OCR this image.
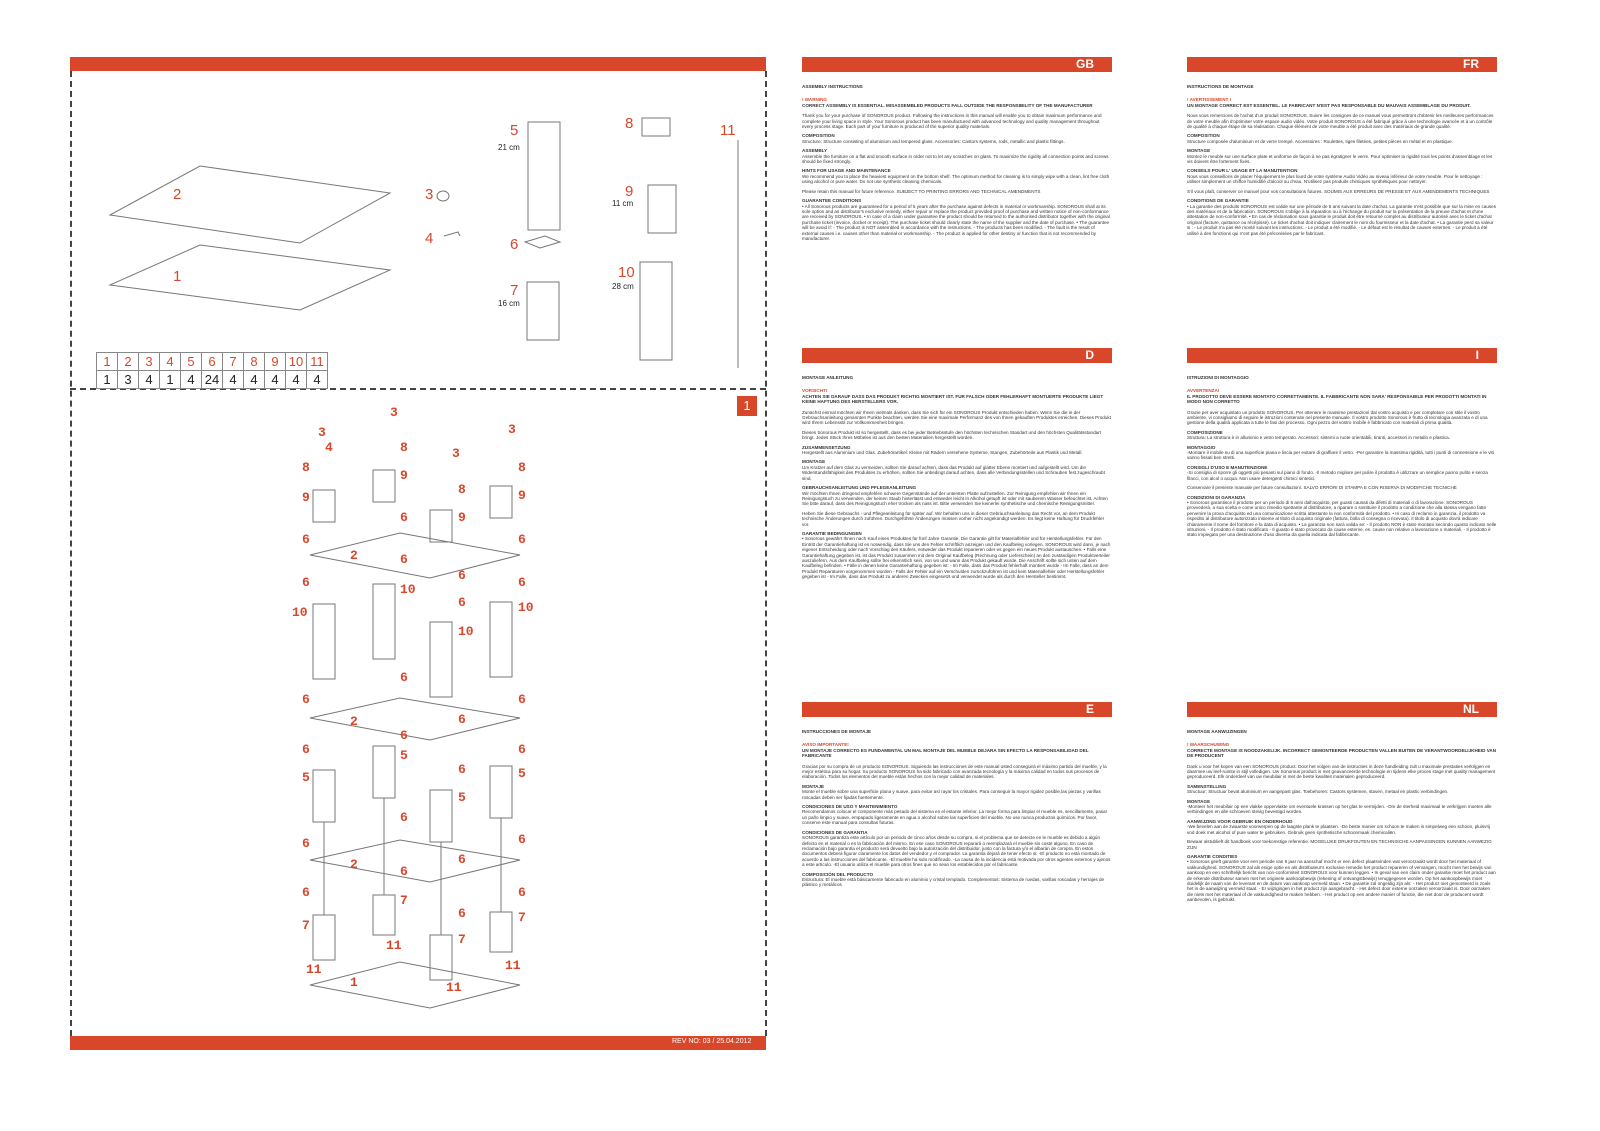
REV NO: 03 / 25.04.2012
2
1
3
4
5
21 cm
6
7
16 cm
8
9
11 cm
10
28 cm
11
1	2	3	4	5	6	7	8	9	10	11
1	3	4	1	4	24	4	4	4	4	4
1
3
3
4
8
9
6
8
9
6
3
8
9
3
8
9
6
2	6
6
6	6
10
10
10
10
6
6
6	6
2	6
6
6	6
5
5
5
5
6
6
6	6
2	6
6
6	6
7
7
7
7
6
11
11	11
1	11
GB
ASSEMBLY INSTRUCTIONS
! WARNING
CORRECT ASSEMBLY IS ESSENTIAL. MISASSEMBLED PRODUCTS FALL OUTSIDE THE RESPONSIBILITY OF THE MANUFACTURER
Thank you for your purchase of SONOROUS product. Following the instructions in this manual will enable you to obtain maximum performance and complete your living space in style. Your Sonorous product has been manufactured with advanced technology and quality management throughout every process stage. Each part of your furniture is produced of the superior quality materials.
COMPOSITION
Structure: Structure consisting of aluminium and tempered glass. Accessories: Castors systems, rods, metallic and plastic fittings.
ASSEMBLY
Assemble the furniture on a flat and smooth surface in order not to let any scratches on glass. To maximize the rigidity all connection points and screws should be fixed strongly.
HINTS FOR USAGE AND MAINTENANCE
We recommend you to place the heaviest equipment on the bottom shelf. The optimum method for cleaning is to simply wipe with a clean, lint free cloth using alcohol or pure water. Do not use synthetic cleaning chemicals.
Please retain this manual for future reference. SUBJECT TO PRINTING ERRORS AND TECHNICAL AMENDMENTS
GUARANTEE CONDITIONS
• All Sonorous products are guaranteed for a period of 5 years after the purchase against defects in material or workmanship. SONOROUS shall at its sole option and as distributor's exclusive remedy, either repair or replace the product provided proof of purchase and written notice of non-conformance are received by SONOROUS. • In case of a claim under guarantee the product should be returned to the authorised distributor together with the original purchase ticket (invoice, docket or receipt). The purchase ticket should clearly state the name of the supplier and the date of purchase. • The guarantee will be avoid if: - The product is NOT assembled in accordance with the instructions. - The products has been modified. - The fault is the result of external causes i.e. causes other than material or workmanship. - The product is applied for other destiny or function that is not recommended by manufacturer.
FR
INSTRUCTIONS DE MONTAGE
! AVERTISSEMENT !
UN MONTAGE CORRECT EST ESSENTIEL. LE FABRICANT N'EST PAS RESPONSABLE DU MAUVAIS ASSEMBLAGE DU PRODUIT.
Nous vous remercions de l'achat d'un produit SONOROUS. Suivre les consignes de ce manuel vous permettront d'obtenir les meilleures performances de votre meuble afin d'optimiser votre espace audio vidéo. Votre produit SONOROUS a été fabriqué grâce à une technologie avancée et à un contrôle de qualité à chaque étape de sa réalisation. Chaque élément de votre meuble a été produit avec des matériaux de grande qualité.
COMPOSITION
Structure composée d'aluminium et de verre trempé. Accessoires : Roulettes, tiges filetées, petites pièces en métal et en plastique.
MONTAGE
Montez le meuble sur une surface plate et uniforme de façon à ne pas égratigner le verre. Pour optimiser la rigidité tous les points d'assemblage et les vis doivent être fortement fixés.
CONSEILS POUR L' USAGE ET LA MANUTENTION
Nous vous conseillons de placer l'équipement le plus lourd de votre système Audio Vidéo au niveau inférieur de votre meuble. Pour le nettoyage : utiliser simplement un chiffon humidifié d'alcool ou d'eau. N'utilisez pas produits chimiques synthétiques pour nettoyer.
S'il vous plaît, conserver ce manuel pour vos consultations futures. SOUMIS AUX ERREURS DE PRESSE ET AUX AMENDEMENTS TECHNIQUES
CONDITIONS DE GARANTIE
• La garantie des produits SONOROUS est valide sur une période de 5 ans suivant la date d'achat. La garantie n'est possible que sur la mise en causes des matériaux et de la fabrication. SONOROUS s'oblige à la réparation ou à l'échange du produit sur la présentation de la preuve d'achat et d'une attestation de non-conformité. • En cas de réclamation sous garantie le produit doit être retourné complet au distributeur autorisé avec le ticket d'achat original (facture, quittance ou récépissé). Le ticket d'achat doit indiquer clairement le nom du fournisseur et la date d'achat. • La garantie perd sa valeur si : - Le produit n'a pas été monté suivant les instructions. - Le produit a été modifié. - Le défaut est le résultat de causes externes. - Le produit a été utilisé à des fonctions qui n'ont pas été préconisées par le fabricant.
D
MONTAGE ANLEITUNG
VORSICHT!
ACHTEN SIE DARAUF DASS DAS PRODUKT RICHTIG MONTIERT IST. FUR FALSCH ODER FEHLERHAFT MONTUERTE PRODUKTE LIEGT KEINE HAFTUNG DES HERSTELLERS VOR.
Zunächst einmal möchten wir Ihnen vielmals danken, dass Sie sich für ein SONOROUS Produkt entschieden haben. Wenn Sie die in der Gebrauchsanleitung genannten Punkte beachten, werden Sie eine maximale Performanz des von Ihnen gekauften Produktes erreichen. Dieses Produkt wird Ihrem Lebensstil zur Vollkommenheit bringen.
Dieses Sonorous Produkt ist so hergestellt, dass es bei jeder Betriebsstufe den höchsten technischen Standart und den höchsten Qualitätsstandart bringt. Jedes Stück Ihres Möbeles ist aus den besten Materialien hergestellt worden.
ZUSAMMENSETZUNG
Hergestellt aus Aluminium und Glas. Zubehörartikel: Kleine mit Rädern versehene Systeme, Stangen, Zubehörteile aus Plastik und Metall.
MONTAGE
Um Kratzer auf dem Glas zu vermeiden, sollten Sie darauf achten, dass das Produkt auf glatter Ebene montiert und aufgestellt wird. Um die Widerstandsfähigkeit des Produktes zu erhöhen, sollten Sie unbedingt darauf achten, dass alle Verbindungsstellen und Schrauben fest zugeschraubt sind.
GEBRAUCHSANLEITUNG UND PFLEGEANLEITUNG
Wir möchten Ihnen dringend empfehlen schwere Gegenstände auf der untersten Platte aufzustellen. Zur Reinigung empfehlen wir Ihnen ein Reinigungstuch zu verwenden, der keinen Staub hinterlässt und entweder leicht in Alkohol getupft ist oder mit sauberem Wasser befeuchtet ist. Achten Sie bitte darauf, dass des Reinigungstuch eher trocken als nass ist. Bitte verwenden Sie keinerlei synthetische und chemische Reinigungsmittel.
Heben Sie diese Gebrauchs - und Pflegeanleitung für später auf. Wir behalten uns in dieser Gebrauchsanleitung das Recht vor, an dem Produkt technische Änderungen durch zuführen. Durchgeführte Änderungen müssen vorher nicht angekündigt werden. Es liegt keine Haftung für Druckfehler vor.
GARANTIE BEDINGUNGEN
• Sonorous gewährt Ihnen nach Kauf eines Produktes für fünf Jahre Garantie. Die Garantie gilt für Materialfehler und für Herstellungsfehler. Für den Eintritt der Garantiehaftung ist es notwendig, dass Sie uns den Fehler schriftlich anzeigen und den Kaufbeleg vorlegen. SONOROUS wird dann, je nach eigener Entscheidung oder nach Vorschlag des Käufers, entweder das Produkt reparieren oder es gegen ein neues Produkt austauschen. • Falls eine Garantiehaftung gegeben ist, ist das Produkt zusammen mit dem Original Kaufbeleg (Rechnung oder Lieferschein) an den zuständigen Produktverteiler auszuliefern. Aus dem Kaufbeleg sollte frei erkenntlich sein, von wo und wann das Produkt gekauft wurde. Die Anschrift sollte sich unten auf dem Kaufbeleg befinden. • Fälle in denen keine Garantiehaftung gegeben ist: - Im Falle, dass das Produkt fehlerhaft montiert wurde - Im Falle, dass an dem Produkt Reparaturen vorgenommen wurden - Falls der Fehler auf ein Verschulden zurückzuführen ist und kein Materialfehler oder Herstellungsfehler gegeben ist - Im Falle, dass das Produkt zu anderen Zwecken eingesetzt und verwendet wurde als durch den Hersteller bestimmt.
I
ISTRUZIONI DI MONTAGGIO
AVVERTENZA!
IL PRODOTTO DEVE ESSERE MONTATO CORRETTAMENTE. IL FABBRICANTE NON SARA' RESPONSABILE PER PRODOTTI MONTATI IN MODO NON CORRETTO
Grazie per aver acquistato un prodotto SONOROUS. Per ottenere le massime prestazioni dal vostro acquisto e per completare con stile il vostro ambiente, vi consigliamo di seguire le istruzioni contenute nel presente manuale. Il vostro prodotto Sonorous è frutto di tecnologia avanzata e di una gestione della qualità applicata a tutte le fasi del processo. Ogni pezzo del vostro mobile è fabbricato con materiali di prima qualità.
COMPOSIZIONE
Struttura: La struttura è in alluminio e vetro temperato. Accessori: sistemi a ruote orientabili, tiranti, accessori in metallo e plastica.
MONTAGGIO
-Montare il mobile su di una superficie piana e liscia per evitare di graffiare il vetro. -Per garantire la massima rigidità, tutti i punti di connessione e le viti vanno fissati ben stretti.
CONSIGLI D'USO E MANUTENZIONE
-Si consiglia di riporre gli oggetti più pesanti sul piano di fondo. -Il metodo migliore per pulire il prodotto è utilizzare un semplice panno pulito e senza filacci, con alcol o acqua. Non usare detergenti chimici sintetici.
Conservare il presente manuale per future consultazioni. SALVO ERRORI DI STAMPA E CON RISERVA DI MODIFICHE TECNICHE
CONDIZIONI DI GARANZIA
• Sonorous garantisce il prodotto per un periodo di 5 anni dall'acquisto, per guasti causati da difetti di materiali o di lavorazione. SONOROUS provvederà, a sua scelta e come unico rimedio spettante al distributore, a riparare o sostituire il prodotto a condizione che alla stessa vengano fatte pervenire la prova d'acquisto ed una comunicazione scritta attestante la non conformità del prodotto. • In caso di reclamo in garanzia, il prodotto va rispedito al distributore autorizzato insieme al titolo di acquisto originale (fattura, bolla di consegna o ricevuta). Il titolo di acquisto dovrà indicare chiaramente il nome del fornitore e la data di acquisto. • La garanzia non sarà valida se: - Il prodotto NON è stato montato secondo quanto indicato nelle istruzioni. - Il prodotto è stato modificato - Il guasto è stato provocato da cause esterne, es. cause non relative a lavorazione o materiali. - Il prodotto è stato impiegato per una destinazione d'uso diversa da quella indicata dal fabbricante.
E
INSTRUCCIONES DE MONTAJE
AVISO IMPORTANTE!
UN MONTAJE CORRECTO ES FUNDAMENTAL UN MAL MONTAJE DEL MUEBLE DEJARA SIN EFECTO LA RESPONSABILIDAD DEL FABRICANTE
Gracias por su compra de un producto SONOROUS. Siguiendo las instrucciones de este manual usted conseguirá el máximo partido del mueble, y la mejor estética para su hogar. Su producto SONOROUS ha sido fabricado con avanzada tecnología y la máxima calidad en todos sus procesos de elaboración. Todos los elementos del mueble están hechos con la mejor calidad de materiales.
MONTAJE
Monte el mueble sobre una superficie plana y suave, para evitar así rayar los cristales. Para conseguir la mayor rigidez posible,las piezas y varillas roscadas deben ser fijadas fuertemente.
CONDICIONES DE USO Y MANTENIMIENTO
Recomendamos colocar el componente más pesado del sistema en el estante inferior. La mejor forma para limpiar el mueble es, sencillamente, pasar un paño limpio y suave, empapado ligeramente en agua o alcohol sobre las superficies del mueble. No use nunca productos químicos. Por favor, conserve este manual para consultas futuras.
CONDICIONES DE GARANTIA
SONOROUS garantiza este artículo por un periodo de cinco años desde su compra, si el problema que se detecte en le mueble es debido a algún defecto en el material o en la fabricación del mismo. En ese caso SONOROUS reparará o reemplazará el mueble sin coste alguno. En caso de reclamación bajo garantía el producto será devuelto bajo la autorización del distribuidor, junto con la factura y/o el albarán de compra. En estos documentos deberá figurar claramente los datos del vendedor y el comprador. La garantía dejará de tener efecto si: -El producto no está montado de acuerdo a las instrucciones del fabricante. -El mueble ha sido modificado. -La causa de la incidencia está motivada por otros agentes externos y ajenos a este artículo. -El usuario utiliza el mueble para otros fines que no sean los establecidos por el fabricante.
COMPOSICIÓN DEL PRODUCTO
Estructura: El mueble está básicamente fabricado en aluminio y cristal templado. Complementos: Sistema de ruedas, varillas roscadas y herrajes de plástico y metálicos
NL
MONTAGE AANWIJZINGEN
! WAARSCHUWING
CORRECTE MONTAGE IS NOODZAKELIJK. INCORRECT GEMONTEERDE PRODUCTEN VALLEN BUITEN DE VERANTWOORDELIJKHEID VAN DE PRODUCENT
Dank u voor het kopen van een SONOROUS product. Door het volgen van de instructies in deze handleiding zult u maximale prestaties verkrijgen en daarmee uw leef-ruimte in stijl volledigen. Uw Sonorous product is met geavanceerde technologie en tijdens elke proces stage met quality management geproduceerd. Elk onderdeel van uw meubilair is met de beste kwaliteit materialen geproduceerd.
SAMENSTELLING
Structuur: Structuur bevat aluminium en aangepast glas. Toebehoren: Castors systemen, staven, metaal en plastic verbindingen.
MONTAGE
-Monteer het meubilair op een vlakke oppervlakte om eventuele krassen op het glas te vermijden. -Om de sterheid maximaal te verkrijgen moeten alle verbindingen en alle schroeven stevig bevestigd worden.
AANWIJZING VOOR GEBRUIK EN ONDERHOUD
-We bevelen aan de zwaarste voorwerpen op de laagste plank te plaatsen. -De beste manier om schoon te maken is simpelweg een schoon, pluisvrij vod doek met alcohol of pure water te gebruiken. Gebruik geen synthetische schoonmaak chemicaliën.
Bewaar alstublieft dit handboek voor toekomstige referentie. MOGELIJKE DRUKFOUTEN EN TECHNISCHE AANPASSINGEN KUNNEN AANWEZIG ZIJN
GARANTIE CONDITIES
• Sonorous geeft garantie voor een periode van 5 jaar na aanschaf mocht er een defect plaatsvinden wat veroorzaakt wordt door het materiaal of vakkundigheid. SONOROUS zal als enige optie en als distributeur's exclusive remedie het product repareren of vervangen, mocht men het bewijs van aankoop en een schriftelijk bericht van non-conformiteit SONOROUS voor kunnen leggen. • In geval van een claim onder garantie moet het product aan de erkende distributeur samen met het originele aankoopbewijs (rekening of ontvangstbewijs) teruggegeven worden. Op het aankoopbewijs moet duidelijk de naam van de leverant en de datum van aankoop vermeld staan. • De garantie zal ongeldig zijn als: - Het product niet gemonteerd is zoals het in de aanwijzing vermeld staat. - Er wijzigingen in het product zijn aangebracht. - Het defect door externe oorzaken veroorzaakt is. Door oorzaken die niets met het materiaal of de vakkundigheid te maken hebben. - Het product op een andere manier of functie, die niet door de producent wordt aanbevolen, is gebruikt.
